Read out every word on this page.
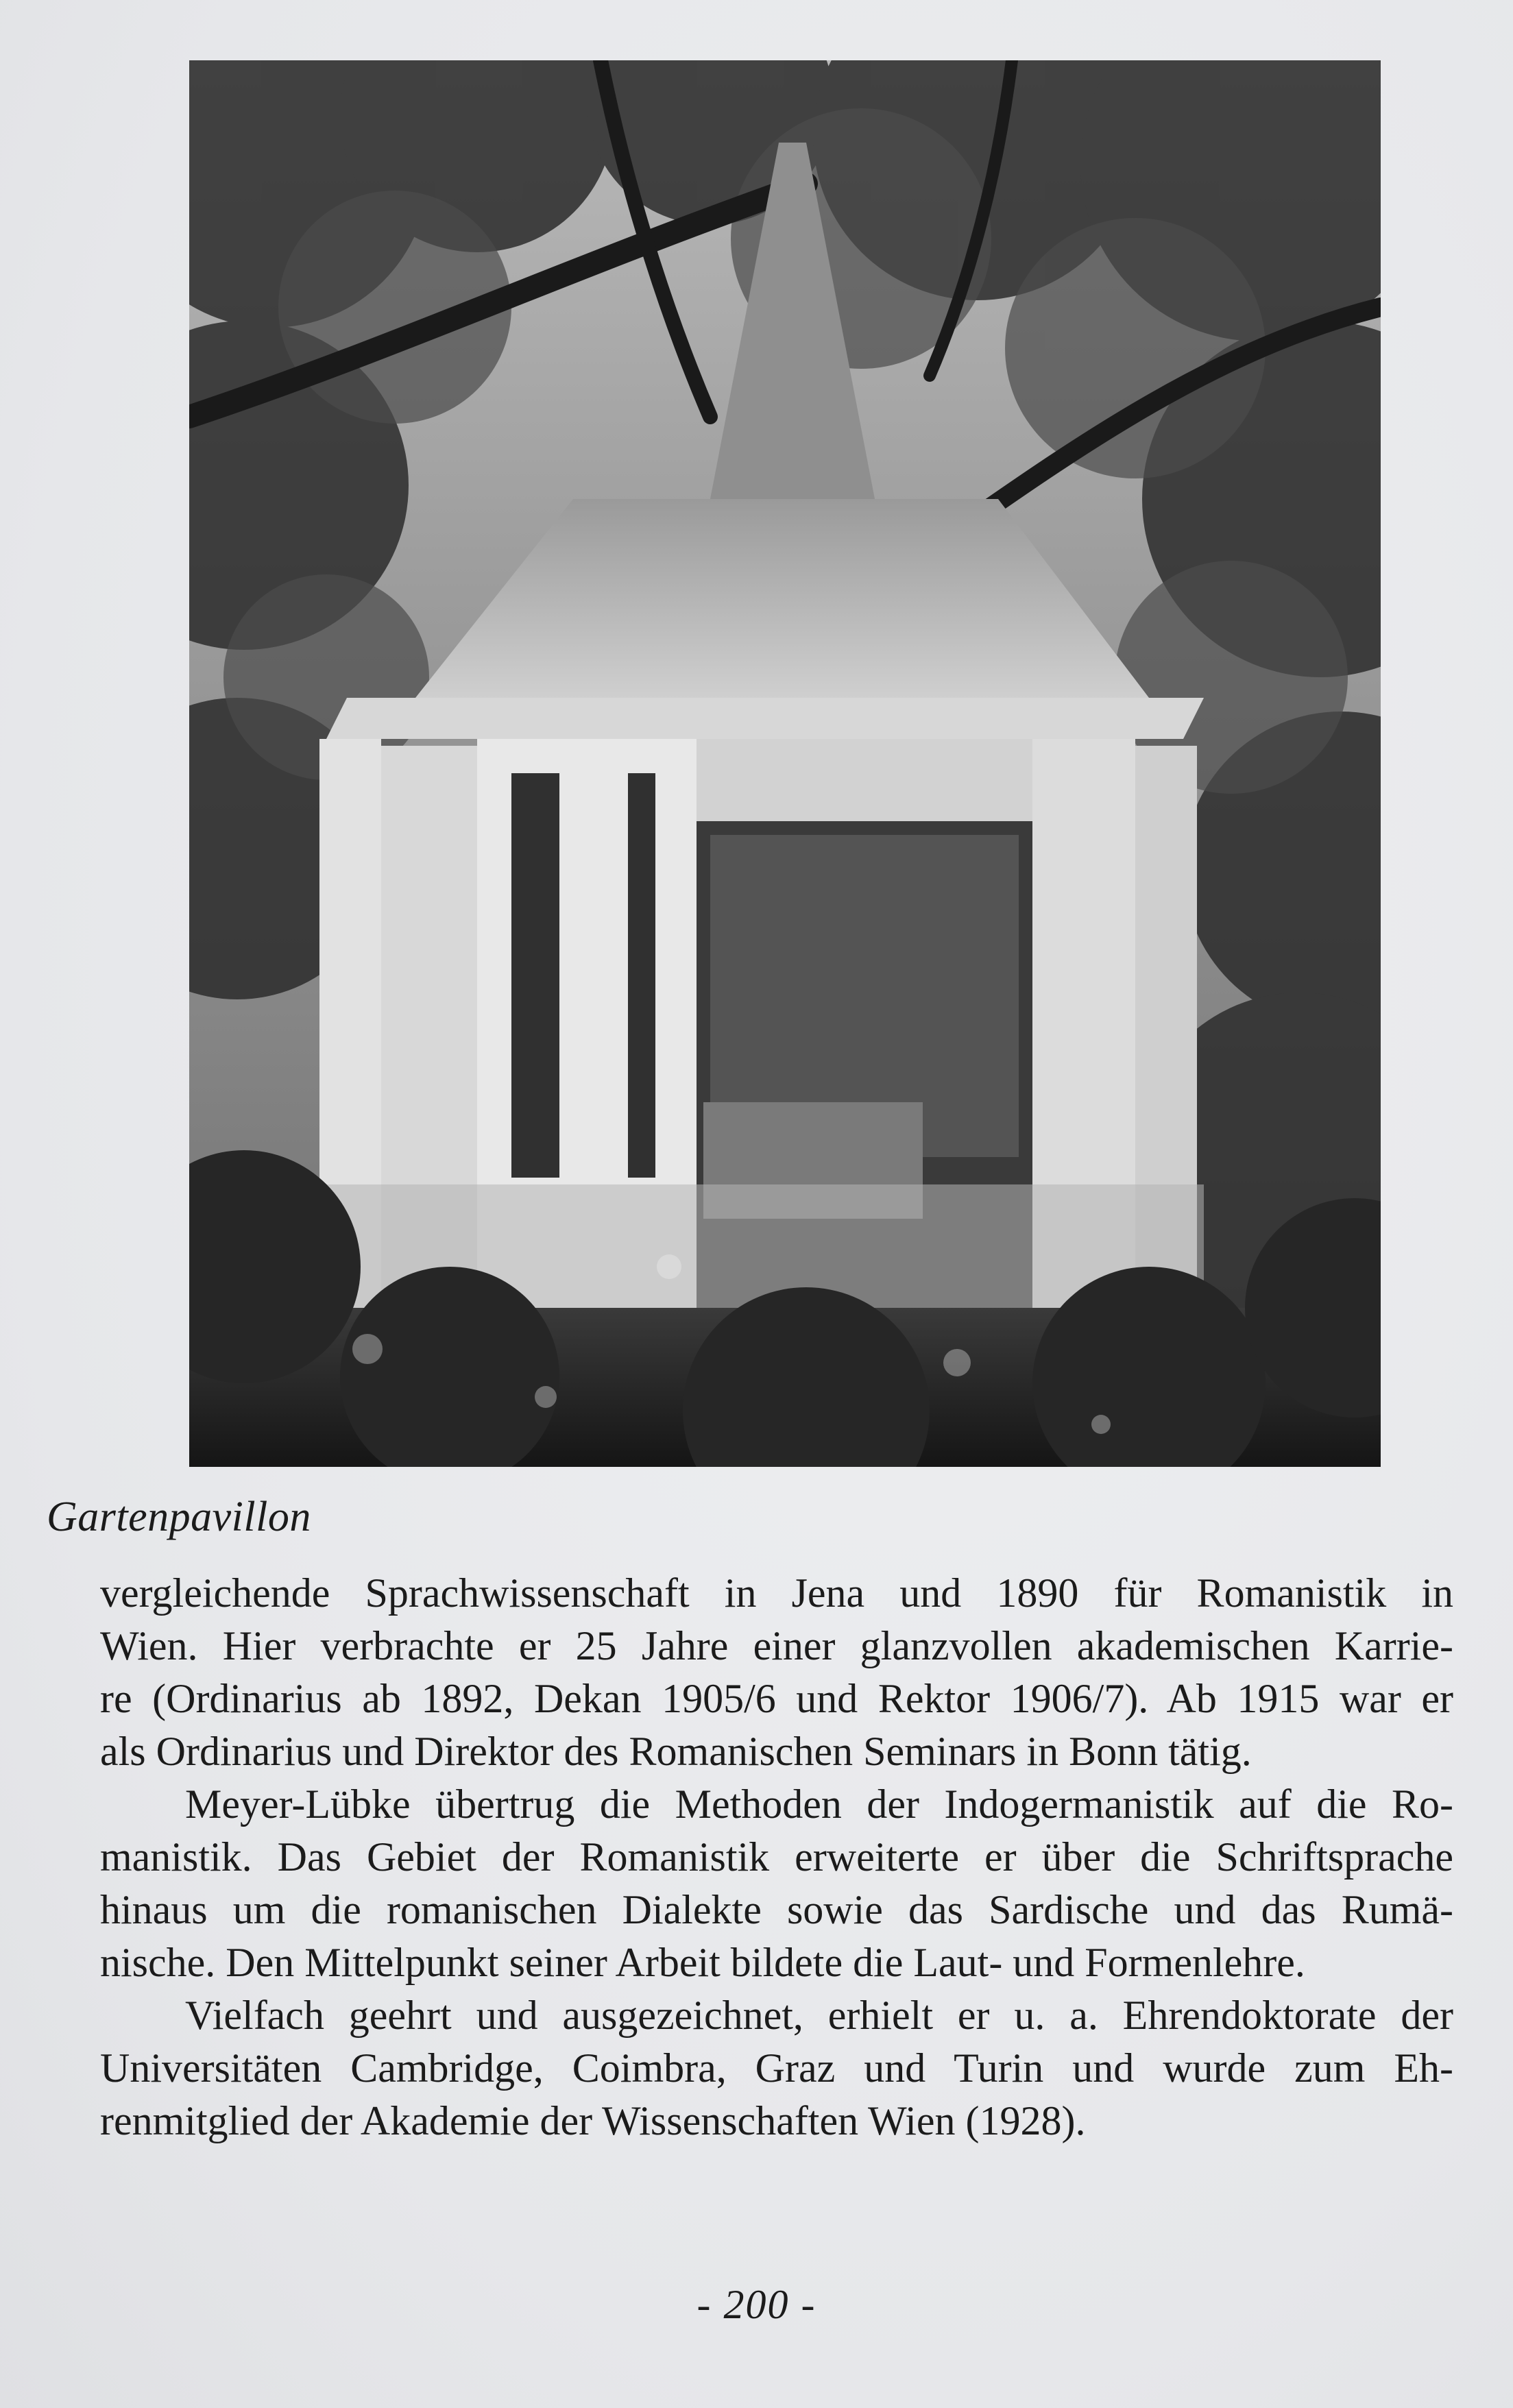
Gartenpavillon
vergleichende Sprachwissenschaft in Jena und 1890 für Romanistik in
Wien. Hier verbrachte er 25 Jahre einer glanzvollen akademischen Karrie-
re (Ordinarius ab 1892, Dekan 1905/6 und Rektor 1906/7). Ab 1915 war er
als Ordinarius und Direktor des Romanischen Seminars in Bonn tätig.
Meyer-Lübke übertrug die Methoden der Indogermanistik auf die Ro-
manistik. Das Gebiet der Romanistik erweiterte er über die Schriftsprache
hinaus um die romanischen Dialekte sowie das Sardische und das Rumä-
nische. Den Mittelpunkt seiner Arbeit bildete die Laut- und Formenlehre.
Vielfach geehrt und ausgezeichnet, erhielt er u. a. Ehrendoktorate der
Universitäten Cambridge, Coimbra, Graz und Turin und wurde zum Eh-
renmitglied der Akademie der Wissenschaften Wien (1928).
- 200 -
